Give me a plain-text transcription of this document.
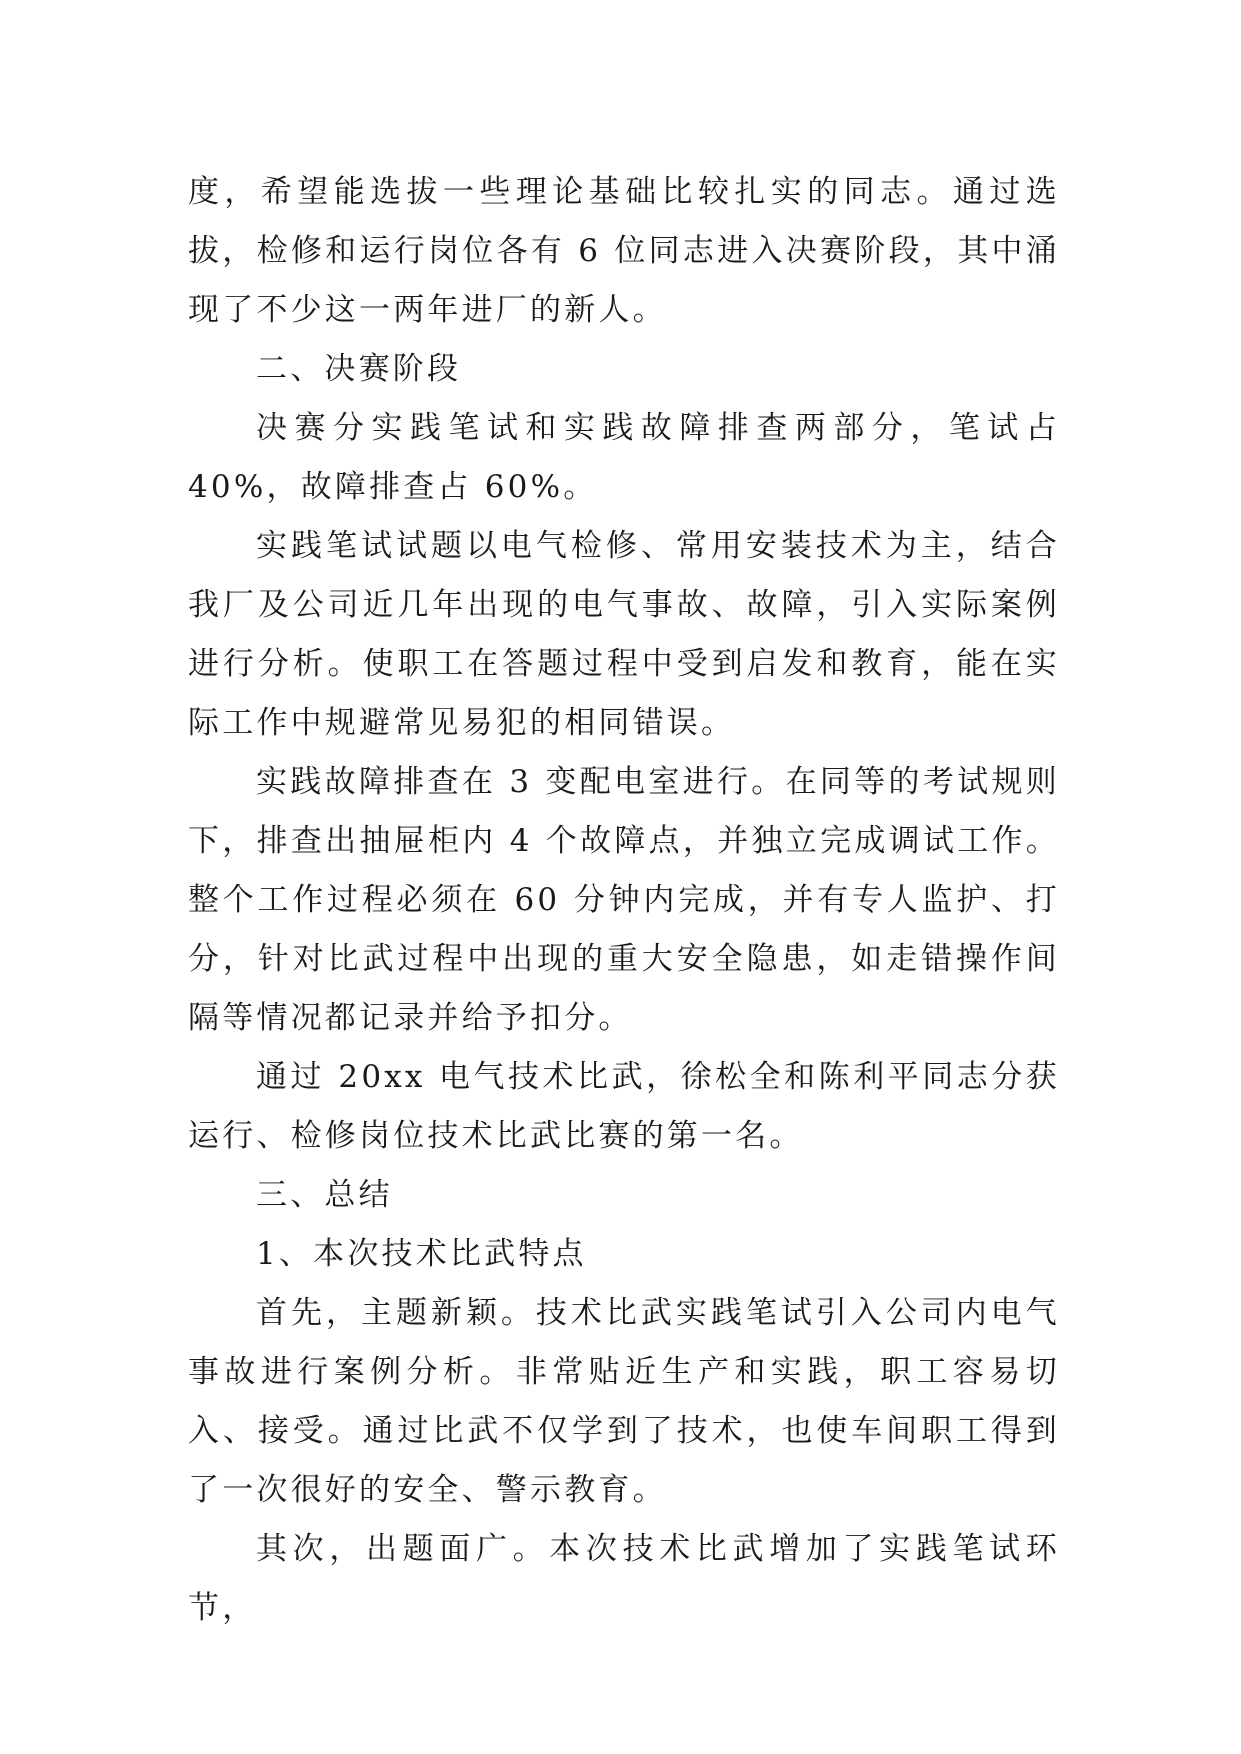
度，希望能选拔一些理论基础比较扎实的同志。通过选拔，检修和运行岗位各有 6 位同志进入决赛阶段，其中涌现了不少这一两年进厂的新人。

二、决赛阶段

决赛分实践笔试和实践故障排查两部分，笔试占 40%，故障排查占 60%。

实践笔试试题以电气检修、常用安装技术为主，结合我厂及公司近几年出现的电气事故、故障，引入实际案例进行分析。使职工在答题过程中受到启发和教育，能在实际工作中规避常见易犯的相同错误。

实践故障排查在 3 变配电室进行。在同等的考试规则下，排查出抽屉柜内 4 个故障点，并独立完成调试工作。整个工作过程必须在 60 分钟内完成，并有专人监护、打分，针对比武过程中出现的重大安全隐患，如走错操作间隔等情况都记录并给予扣分。

通过 20xx 电气技术比武，徐松全和陈利平同志分获运行、检修岗位技术比武比赛的第一名。

三、总结

1、本次技术比武特点

首先，主题新颖。技术比武实践笔试引入公司内电气事故进行案例分析。非常贴近生产和实践，职工容易切入、接受。通过比武不仅学到了技术，也使车间职工得到了一次很好的安全、警示教育。

其次，出题面广。本次技术比武增加了实践笔试环节，
